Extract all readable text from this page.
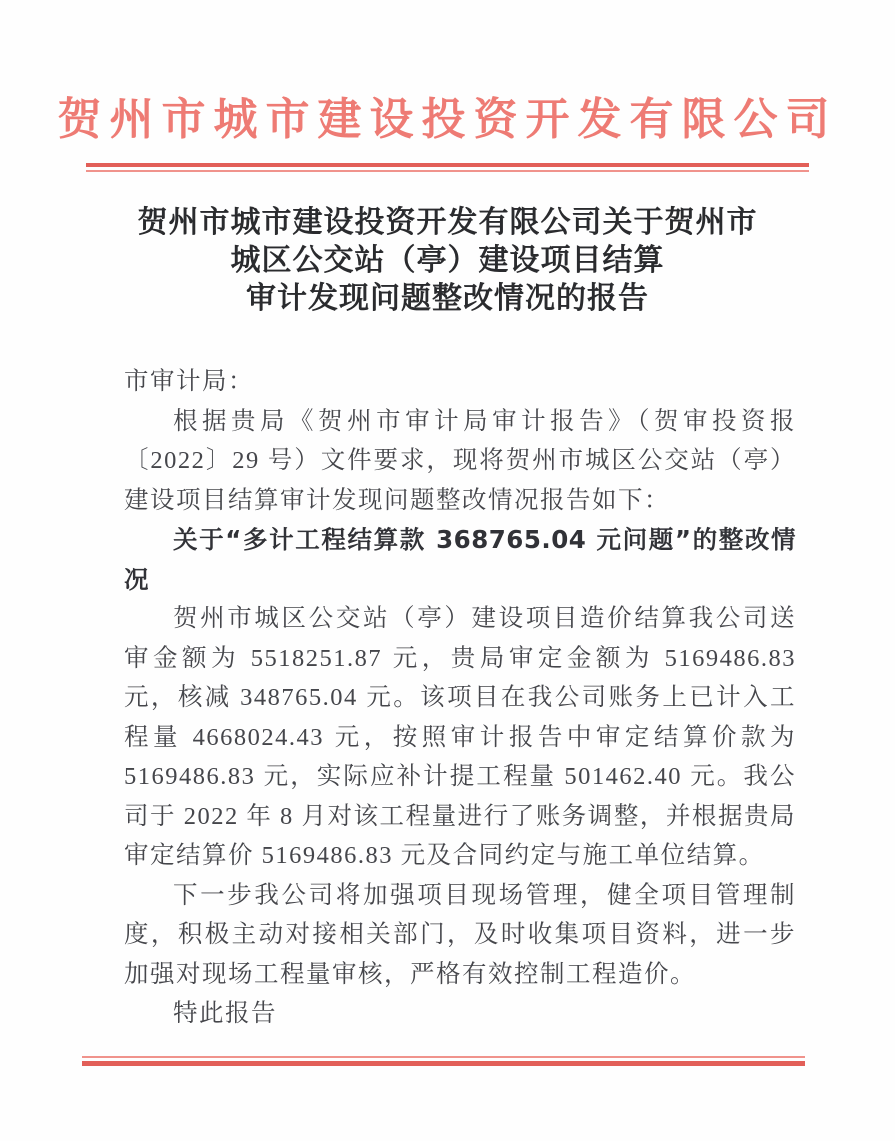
贺州市城市建设投资开发有限公司
贺州市城市建设投资开发有限公司关于贺州市
城区公交站（亭）建设项目结算
审计发现问题整改情况的报告

市审计局：

根据贵局《贺州市审计局审计报告》（贺审投资报〔2022〕29 号）文件要求，现将贺州市城区公交站（亭）建设项目结算审计发现问题整改情况报告如下：

关于“多计工程结算款 368765.04 元问题”的整改情况

贺州市城区公交站（亭）建设项目造价结算我公司送审金额为 5518251.87 元，贵局审定金额为 5169486.83 元，核减 348765.04 元。该项目在我公司账务上已计入工程量 4668024.43 元，按照审计报告中审定结算价款为 5169486.83 元，实际应补计提工程量 501462.40 元。我公司于 2022 年 8 月对该工程量进行了账务调整，并根据贵局审定结算价 5169486.83 元及合同约定与施工单位结算。

下一步我公司将加强项目现场管理，健全项目管理制度，积极主动对接相关部门，及时收集项目资料，进一步加强对现场工程量审核，严格有效控制工程造价。

特此报告
